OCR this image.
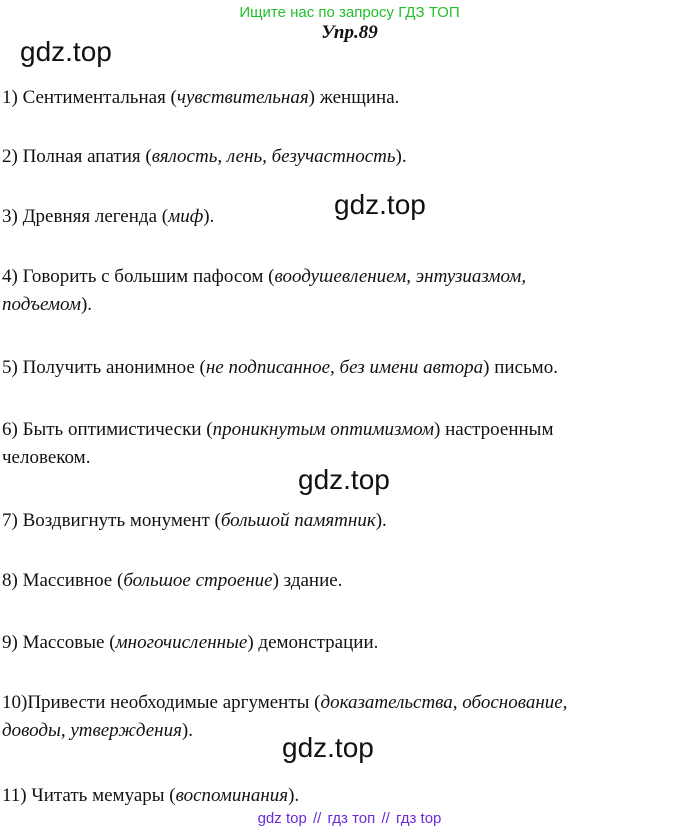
Ищите нас по запросу ГДЗ ТОП
Упр.89
gdz.top
gdz.top
gdz.top
gdz.top
1) Сентиментальная (чувствительная) женщина.
2) Полная апатия (вялость, лень, безучастность).
3) Древняя легенда (миф).
4) Говорить с большим пафосом (воодушевлением, энтузиазмом,
подъемом).
5) Получить анонимное (не подписанное, без имени автора) письмо.
6) Быть оптимистически (проникнутым оптимизмом) настроенным
человеком.
7) Воздвигнуть монумент (большой памятник).
8) Массивное (большое строение) здание.
9) Массовые (многочисленные) демонстрации.
10)Привести необходимые аргументы (доказательства, обоснование,
доводы, утверждения).
11) Читать мемуары (воспоминания).
gdz top // гдз топ // гдз top
